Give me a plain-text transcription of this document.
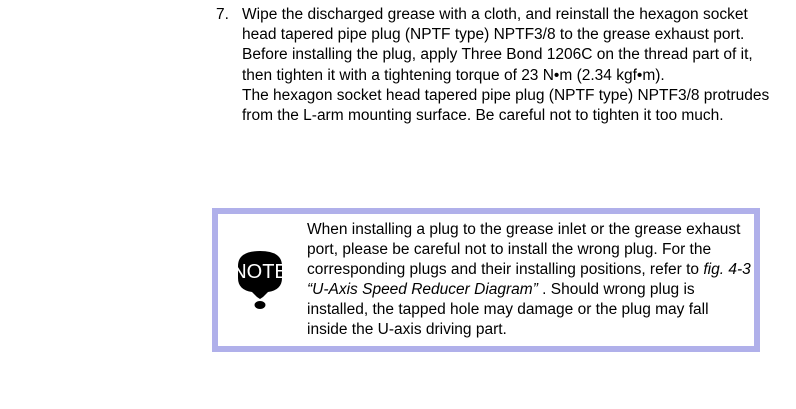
7. Wipe the discharged grease with a cloth, and reinstall the hexagon socket head tapered pipe plug (NPTF type) NPTF3/8 to the grease exhaust port. Before installing the plug, apply Three Bond 1206C on the thread part of it, then tighten it with a tightening torque of 23 N•m (2.34 kgf•m).

The hexagon socket head tapered pipe plug (NPTF type) NPTF3/8 protrudes from the L-arm mounting surface. Be careful not to tighten it too much.

NOTE

When installing a plug to the grease inlet or the grease exhaust port, please be careful not to install the wrong plug. For the corresponding plugs and their installing positions, refer to fig. 4-3 “U-Axis Speed Reducer Diagram” . Should wrong plug is installed, the tapped hole may damage or the plug may fall inside the U-axis driving part.
